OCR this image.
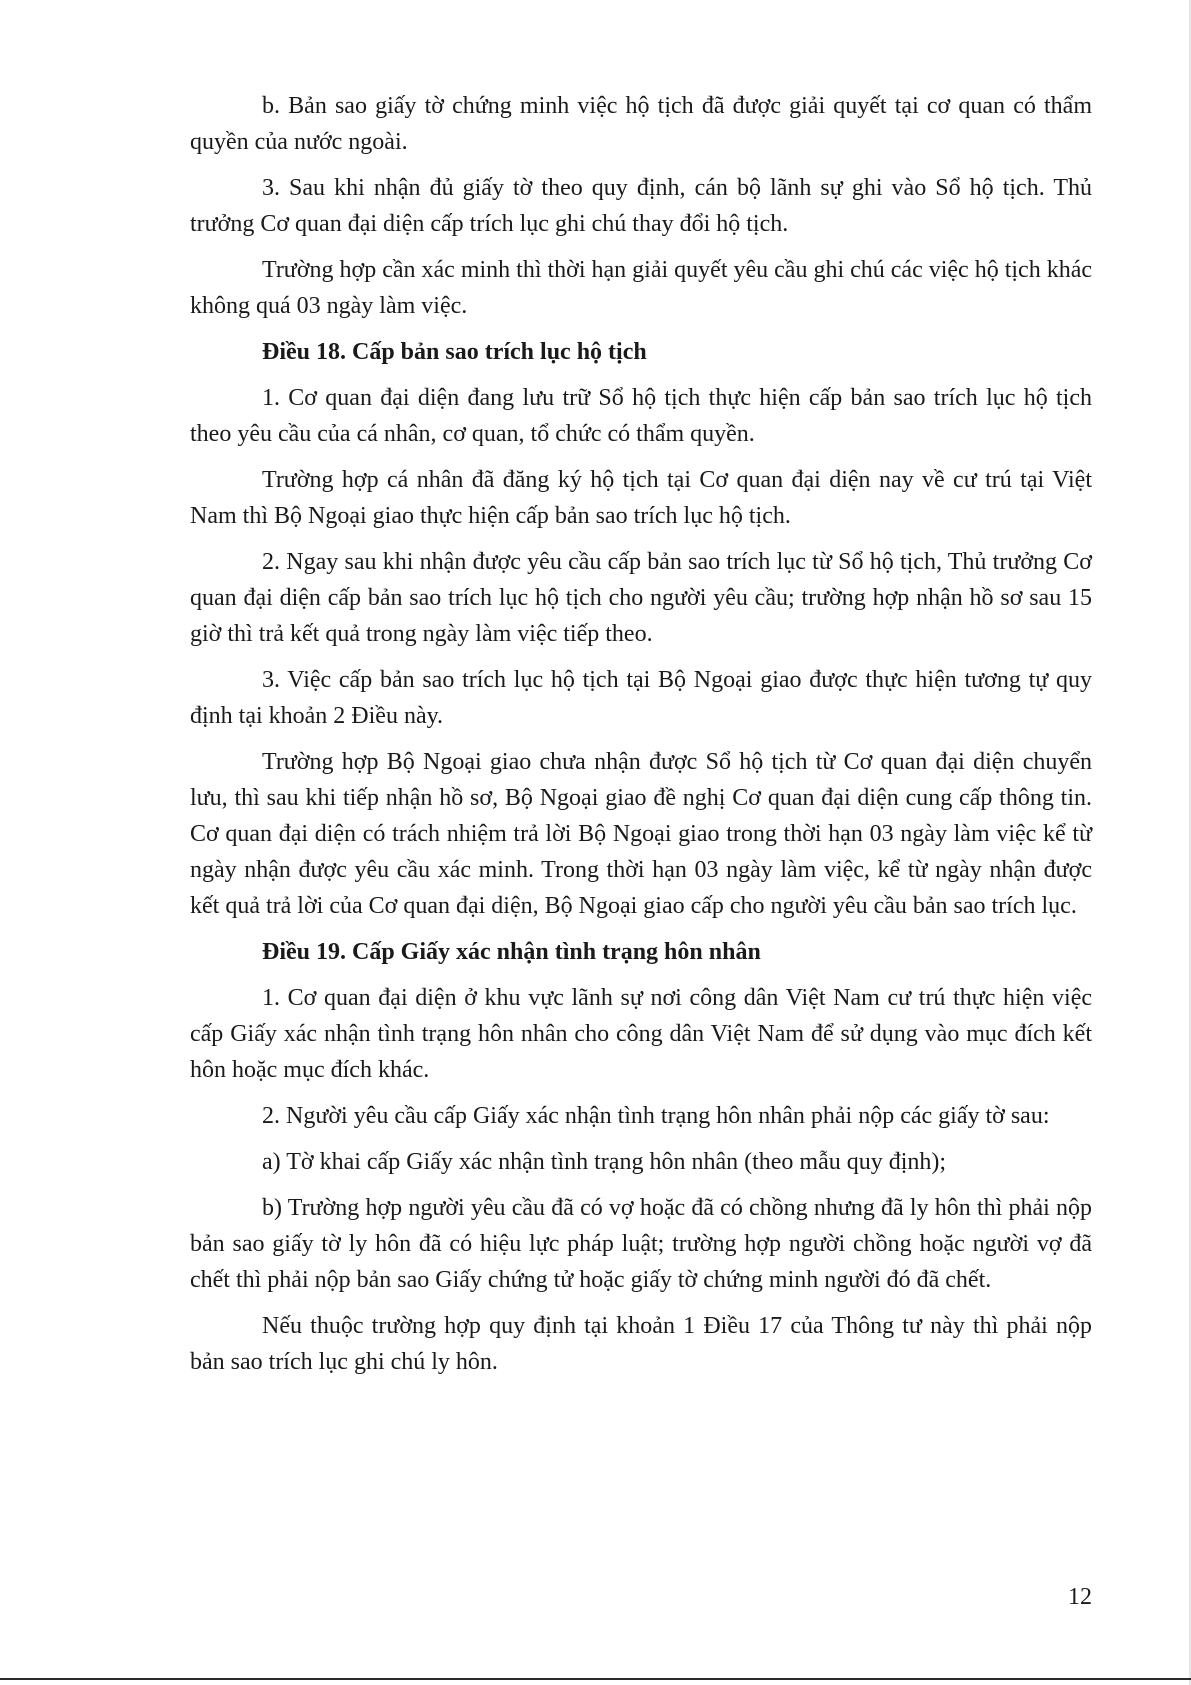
b. Bản sao giấy tờ chứng minh việc hộ tịch đã được giải quyết tại cơ quan có thẩm quyền của nước ngoài.

3. Sau khi nhận đủ giấy tờ theo quy định, cán bộ lãnh sự ghi vào Sổ hộ tịch. Thủ trưởng Cơ quan đại diện cấp trích lục ghi chú thay đổi hộ tịch.

Trường hợp cần xác minh thì thời hạn giải quyết yêu cầu ghi chú các việc hộ tịch khác không quá 03 ngày làm việc.

Điều 18. Cấp bản sao trích lục hộ tịch

1. Cơ quan đại diện đang lưu trữ Sổ hộ tịch thực hiện cấp bản sao trích lục hộ tịch theo yêu cầu của cá nhân, cơ quan, tổ chức có thẩm quyền.

Trường hợp cá nhân đã đăng ký hộ tịch tại Cơ quan đại diện nay về cư trú tại Việt Nam thì Bộ Ngoại giao thực hiện cấp bản sao trích lục hộ tịch.

2. Ngay sau khi nhận được yêu cầu cấp bản sao trích lục từ Sổ hộ tịch, Thủ trưởng Cơ quan đại diện cấp bản sao trích lục hộ tịch cho người yêu cầu; trường hợp nhận hồ sơ sau 15 giờ thì trả kết quả trong ngày làm việc tiếp theo.

3. Việc cấp bản sao trích lục hộ tịch tại Bộ Ngoại giao được thực hiện tương tự quy định tại khoản 2 Điều này.

Trường hợp Bộ Ngoại giao chưa nhận được Sổ hộ tịch từ Cơ quan đại diện chuyển lưu, thì sau khi tiếp nhận hồ sơ, Bộ Ngoại giao đề nghị Cơ quan đại diện cung cấp thông tin. Cơ quan đại diện có trách nhiệm trả lời Bộ Ngoại giao trong thời hạn 03 ngày làm việc kể từ ngày nhận được yêu cầu xác minh. Trong thời hạn 03 ngày làm việc, kể từ ngày nhận được kết quả trả lời của Cơ quan đại diện, Bộ Ngoại giao cấp cho người yêu cầu bản sao trích lục.

Điều 19. Cấp Giấy xác nhận tình trạng hôn nhân

1. Cơ quan đại diện ở khu vực lãnh sự nơi công dân Việt Nam cư trú thực hiện việc cấp Giấy xác nhận tình trạng hôn nhân cho công dân Việt Nam để sử dụng vào mục đích kết hôn hoặc mục đích khác.

2. Người yêu cầu cấp Giấy xác nhận tình trạng hôn nhân phải nộp các giấy tờ sau:

a) Tờ khai cấp Giấy xác nhận tình trạng hôn nhân (theo mẫu quy định);

b) Trường hợp người yêu cầu đã có vợ hoặc đã có chồng nhưng đã ly hôn thì phải nộp bản sao giấy tờ ly hôn đã có hiệu lực pháp luật; trường hợp người chồng hoặc người vợ đã chết thì phải nộp bản sao Giấy chứng tử hoặc giấy tờ chứng minh người đó đã chết.

Nếu thuộc trường hợp quy định tại khoản 1 Điều 17 của Thông tư này thì phải nộp bản sao trích lục ghi chú ly hôn.

12
